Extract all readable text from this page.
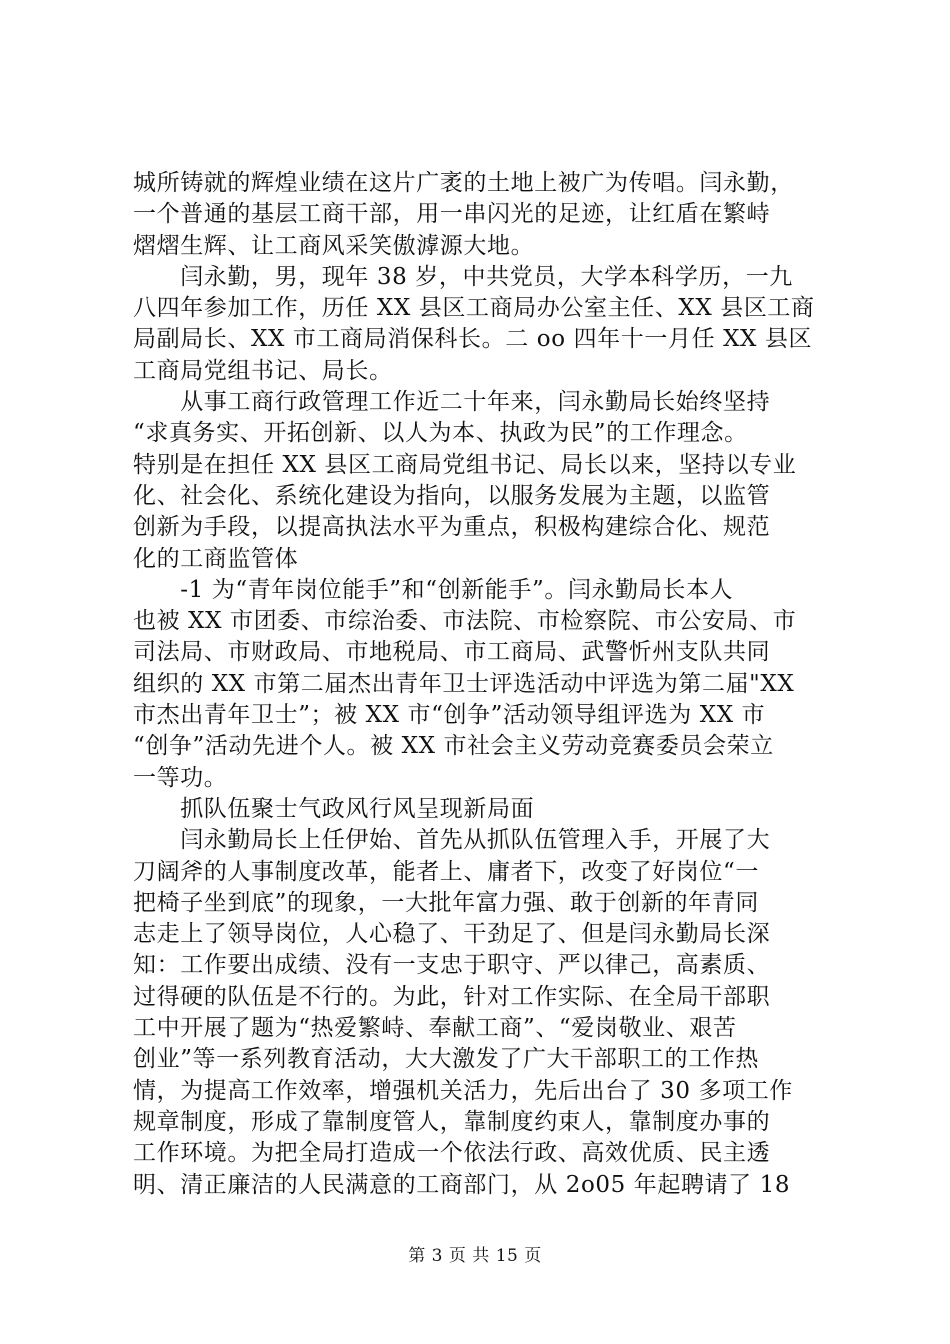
城所铸就的辉煌业绩在这片广袤的土地上被广为传唱。闫永勤，
一个普通的基层工商干部，用一串闪光的足迹，让红盾在繁峙
熠熠生辉、让工商风采笑傲滹源大地。
　　闫永勤，男，现年 38 岁，中共党员，大学本科学历，一九
八四年参加工作，历任 XX 县区工商局办公室主任、XX 县区工商
局副局长、XX 市工商局消保科长。二 oo 四年十一月任 XX 县区
工商局党组书记、局长。
　　从事工商行政管理工作近二十年来，闫永勤局长始终坚持
“求真务实、开拓创新、以人为本、执政为民”的工作理念。
特别是在担任 XX 县区工商局党组书记、局长以来，坚持以专业
化、社会化、系统化建设为指向，以服务发展为主题，以监管
创新为手段，以提高执法水平为重点，积极构建综合化、规范
化的工商监管体
　　-1 为“青年岗位能手”和“创新能手”。闫永勤局长本人
也被 XX 市团委、市综治委、市法院、市检察院、市公安局、市
司法局、市财政局、市地税局、市工商局、武警忻州支队共同
组织的 XX 市第二届杰出青年卫士评选活动中评选为第二届"XX
市杰出青年卫士”；被 XX 市“创争”活动领导组评选为 XX 市
“创争”活动先进个人。被 XX 市社会主义劳动竞赛委员会荣立
一等功。
　　抓队伍聚士气政风行风呈现新局面
　　闫永勤局长上任伊始、首先从抓队伍管理入手，开展了大
刀阔斧的人事制度改革，能者上、庸者下，改变了好岗位“一
把椅子坐到底”的现象，一大批年富力强、敢于创新的年青同
志走上了领导岗位，人心稳了、干劲足了、但是闫永勤局长深
知：工作要出成绩、没有一支忠于职守、严以律己，高素质、
过得硬的队伍是不行的。为此，针对工作实际、在全局干部职
工中开展了题为“热爱繁峙、奉献工商”、“爱岗敬业、艰苦
创业”等一系列教育活动，大大激发了广大干部职工的工作热
情，为提高工作效率，增强机关活力，先后出台了 30 多项工作
规章制度，形成了靠制度管人，靠制度约束人，靠制度办事的
工作环境。为把全局打造成一个依法行政、高效优质、民主透
明、清正廉洁的人民满意的工商部门，从 2o05 年起聘请了 18
第 3 页 共 15 页
